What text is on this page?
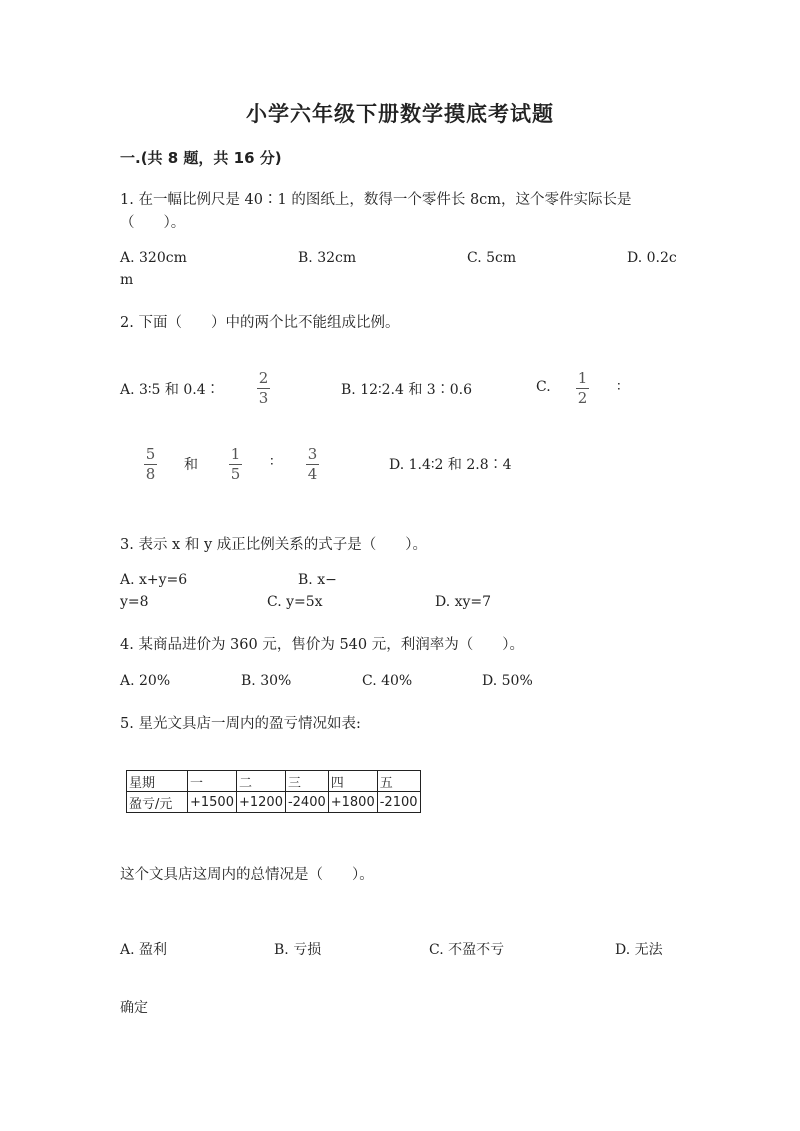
小学六年级下册数学摸底考试题
一.(共 8 题，共 16 分)
1. 在一幅比例尺是 40∶1 的图纸上，数得一个零件长 8cm，这个零件实际长是
（　　）。
A. 320cm	B. 32cm	C. 5cm	D. 0.2c
m
2. 下面（　　）中的两个比不能组成比例。
A. 3∶5 和 0.4∶
2
3	B. 12∶2.4 和 3∶0.6	C. 1
2
∶
5
8 和
1
5
∶ 3
4	D. 1.4∶2 和 2.8∶4
3. 表示 x 和 y 成正比例关系的式子是（　　）。
A. x+y=6	B. x−
y=8	C. y=5x	D. xy=7
4. 某商品进价为 360 元，售价为 540 元，利润率为（　　）。
A. 20%	B. 30%	C. 40%	D. 50%
5. 星光文具店一周内的盈亏情况如表:
星期	一	二	三	四	五
盈亏/元	+1500	+1200	-2400	+1800	-2100
这个文具店这周内的总情况是（　　）。
A. 盈利	B. 亏损	C. 不盈不亏	D. 无法
确定
